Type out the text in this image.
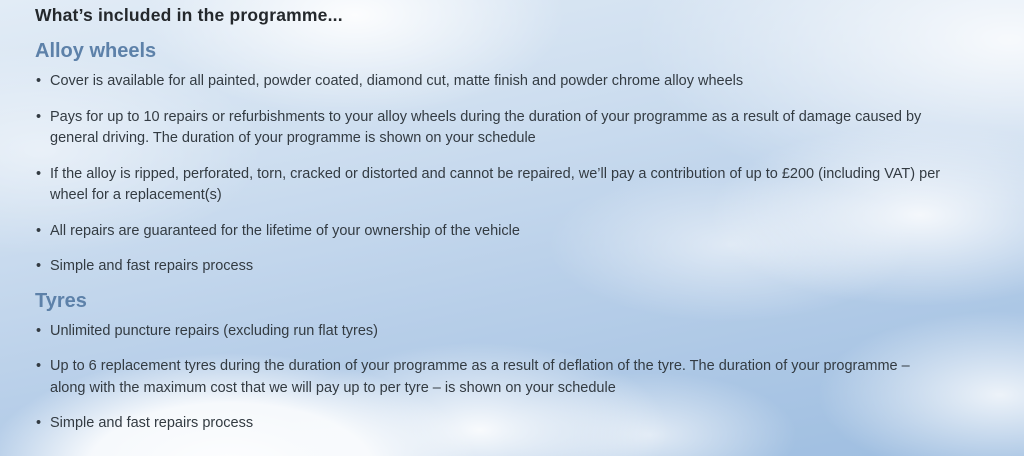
What’s included in the programme...
Alloy wheels
• Cover is available for all painted, powder coated, diamond cut, matte finish and powder chrome alloy wheels
• Pays for up to 10 repairs or refurbishments to your alloy wheels during the duration of your programme as a result of damage caused by general driving. The duration of your programme is shown on your schedule
• If the alloy is ripped, perforated, torn, cracked or distorted and cannot be repaired, we’ll pay a contribution of up to £200 (including VAT) per wheel for a replacement(s)
• All repairs are guaranteed for the lifetime of your ownership of the vehicle
• Simple and fast repairs process
Tyres
• Unlimited puncture repairs (excluding run flat tyres)
• Up to 6 replacement tyres during the duration of your programme as a result of deflation of the tyre. The duration of your programme – along with the maximum cost that we will pay up to per tyre – is shown on your schedule
• Simple and fast repairs process
